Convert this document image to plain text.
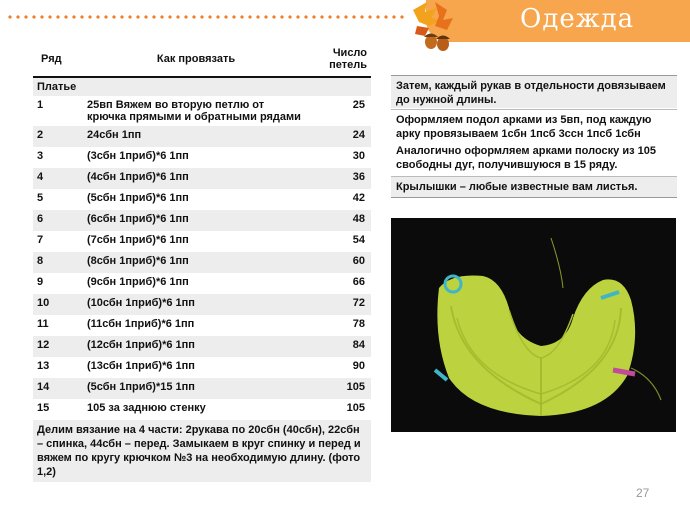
Одежда
Ряд	Как провязать	Число петель
Платье		
1	25вп Вяжем во вторую петлю от крючка прямыми и обратными рядами	25
2	24сбн 1пп	24
3	(3сбн 1приб)*6 1пп	30
4	(4сбн 1приб)*6 1пп	36
5	(5сбн 1приб)*6 1пп	42
6	(6сбн 1приб)*6 1пп	48
7	(7сбн 1приб)*6 1пп	54
8	(8сбн 1приб)*6 1пп	60
9	(9сбн 1приб)*6 1пп	66
10	(10сбн 1приб)*6 1пп	72
11	(11сбн 1приб)*6 1пп	78
12	(12сбн 1приб)*6 1пп	84
13	(13сбн 1приб)*6 1пп	90
14	(5сбн 1приб)*15 1пп	105
15	105 за заднюю стенку	105
Делим вязание на 4 части: 2рукава по 20сбн (40сбн), 22сбн – спинка, 44сбн – перед. Замыкаем в круг спинку и перед и вяжем по кругу крючком №3 на необходимую длину. (фото 1,2)		
Затем, каждый рукав в отдельности довязываем до нужной длины.

Оформляем подол арками из 5вп, под каждую арку провязываем 1сбн 1псб 3ссн 1псб 1сбн

Аналогично оформляем арками полоску из 105 свободны дуг, получившуюся в 15 ряду.

Крылышки – любые известные вам листья.
27
